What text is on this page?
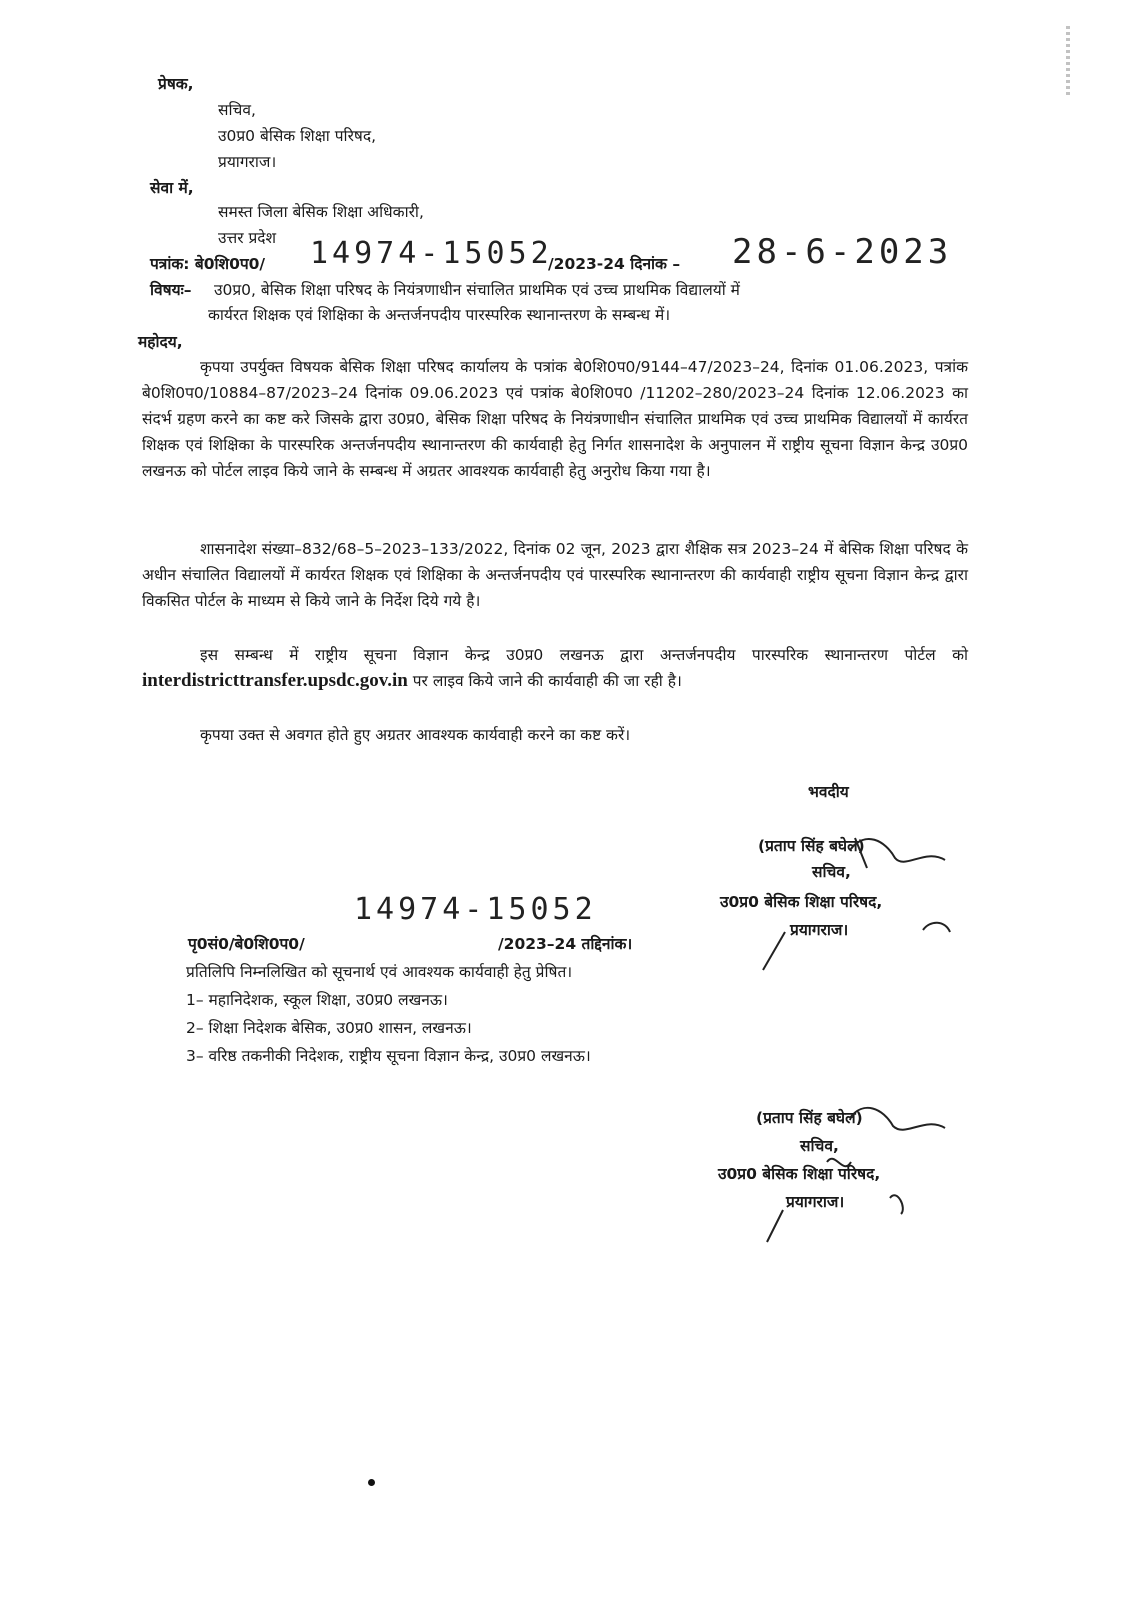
प्रेषक,
सचिव,
उ0प्र0 बेसिक शिक्षा परिषद,
प्रयागराज।
सेवा में,
समस्त जिला बेसिक शिक्षा अधिकारी,
उत्तर प्रदेश
पत्रांक: बे0शि0प0/ 14974-15052
/2023-24 दिनांक – 28-6-2023
विषयः– उ0प्र0, बेसिक शिक्षा परिषद के नियंत्रणाधीन संचालित प्राथमिक एवं उच्च प्राथमिक विद्यालयों में
कार्यरत शिक्षक एवं शिक्षिका के अन्तर्जनपदीय पारस्परिक स्थानान्तरण के सम्बन्ध में।
महोदय,
कृपया उपर्युक्त विषयक बेसिक शिक्षा परिषद कार्यालय के पत्रांक बे0शि0प0/9144–47/2023–24, दिनांक 01.06.2023, पत्रांक बे0शि0प0/10884–87/2023–24 दिनांक 09.06.2023 एवं पत्रांक बे0शि0प0 /11202–280/2023–24 दिनांक 12.06.2023 का संदर्भ ग्रहण करने का कष्ट करे जिसके द्वारा उ0प्र0, बेसिक शिक्षा परिषद के नियंत्रणाधीन संचालित प्राथमिक एवं उच्च प्राथमिक विद्यालयों में कार्यरत शिक्षक एवं शिक्षिका के पारस्परिक अन्तर्जनपदीय स्थानान्तरण की कार्यवाही हेतु निर्गत शासनादेश के अनुपालन में राष्ट्रीय सूचना विज्ञान केन्द्र उ0प्र0 लखनऊ को पोर्टल लाइव किये जाने के सम्बन्ध में अग्रतर आवश्यक कार्यवाही हेतु अनुरोध किया गया है।
शासनादेश संख्या–832/68–5–2023–133/2022, दिनांक 02 जून, 2023 द्वारा शैक्षिक सत्र 2023–24 में बेसिक शिक्षा परिषद के अधीन संचालित विद्यालयों में कार्यरत शिक्षक एवं शिक्षिका के अन्तर्जनपदीय एवं पारस्परिक स्थानान्तरण की कार्यवाही राष्ट्रीय सूचना विज्ञान केन्द्र द्वारा विकसित पोर्टल के माध्यम से किये जाने के निर्देश दिये गये है।
इस सम्बन्ध में राष्ट्रीय सूचना विज्ञान केन्द्र उ0प्र0 लखनऊ द्वारा अन्तर्जनपदीय पारस्परिक स्थानान्तरण पोर्टल को interdistricttransfer.upsdc.gov.in पर लाइव किये जाने की कार्यवाही की जा रही है।
कृपया उक्त से अवगत होते हुए अग्रतर आवश्यक कार्यवाही करने का कष्ट करें।
भवदीय
(प्रताप सिंह बघेल)
सचिव,
उ0प्र0 बेसिक शिक्षा परिषद,
प्रयागराज।
पृ0सं0/बे0शि0प0/
14974-15052
/2023–24 तद्दिनांक।
प्रतिलिपि निम्नलिखित को सूचनार्थ एवं आवश्यक कार्यवाही हेतु प्रेषित।
1– महानिदेशक, स्कूल शिक्षा, उ0प्र0 लखनऊ।
2– शिक्षा निदेशक बेसिक, उ0प्र0 शासन, लखनऊ।
3– वरिष्ठ तकनीकी निदेशक, राष्ट्रीय सूचना विज्ञान केन्द्र, उ0प्र0 लखनऊ।
(प्रताप सिंह बघेल)
सचिव,
उ0प्र0 बेसिक शिक्षा परिषद,
प्रयागराज।
